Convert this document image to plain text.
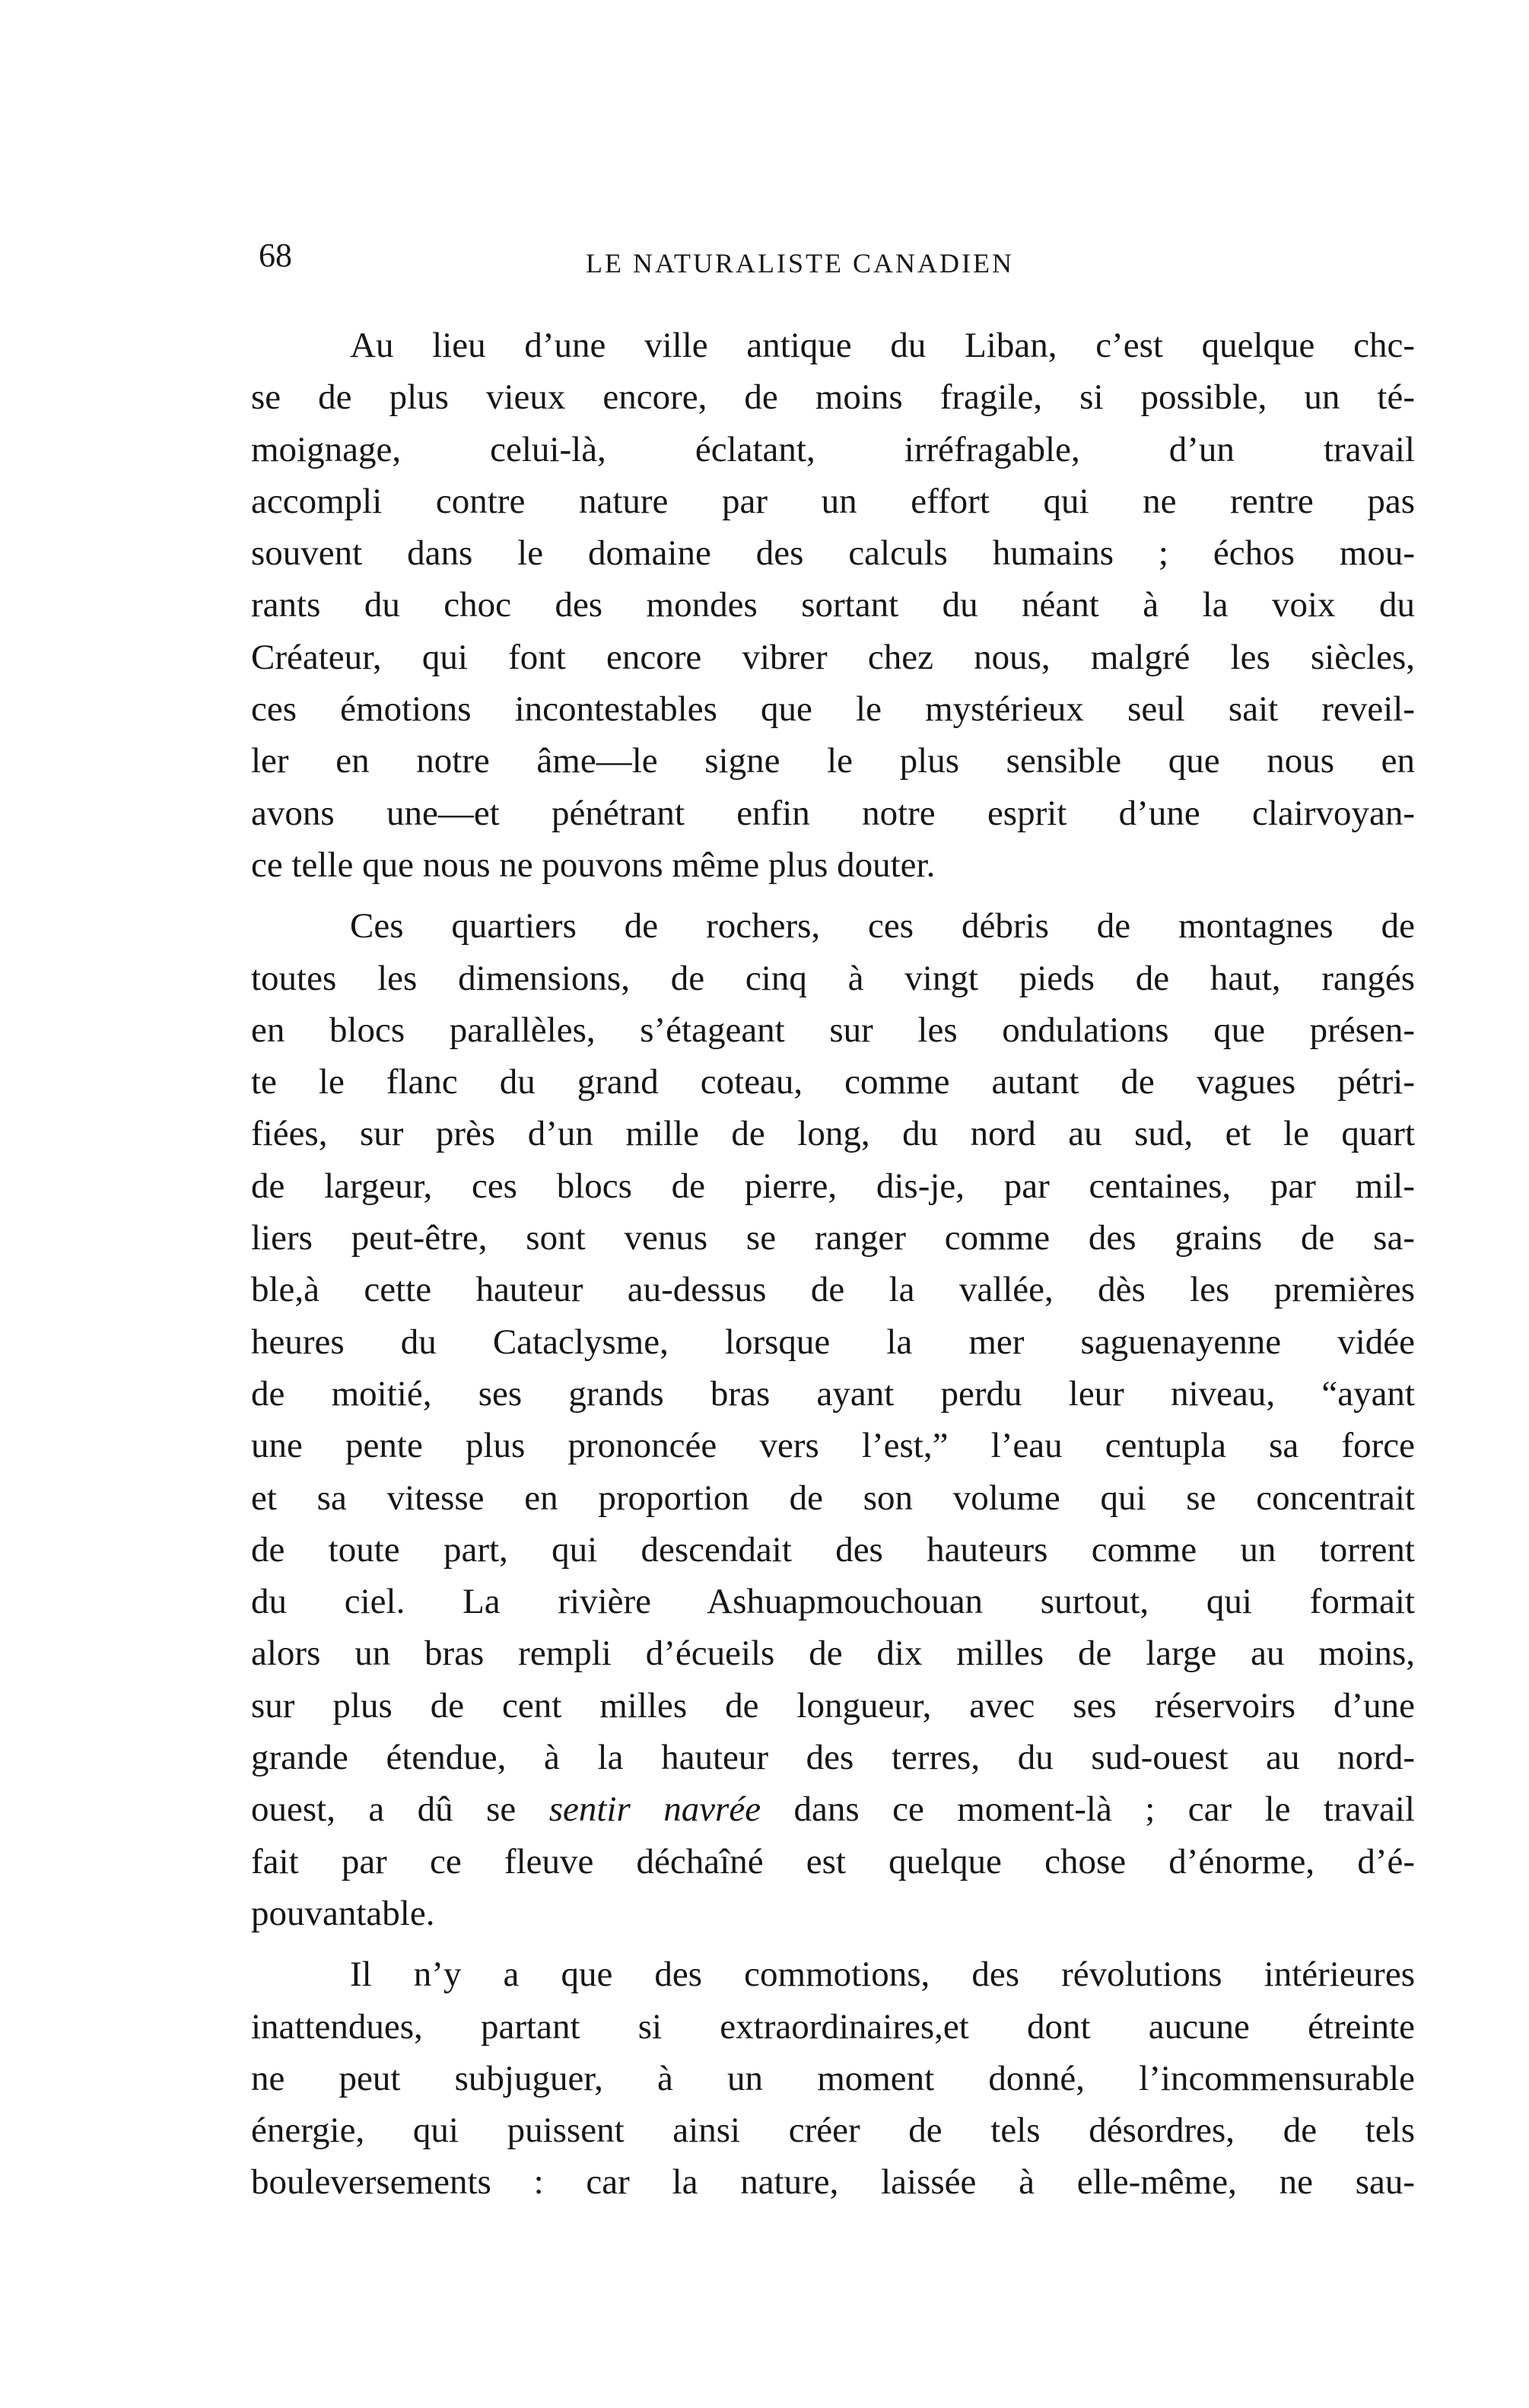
68	LE NATURALISTE CANADIEN

Au lieu d’une ville antique du Liban, c’est quelque chc-
se de plus vieux encore, de moins fragile, si possible, un té-
moignage, celui-là, éclatant, irréfragable, d’un travail
accompli contre nature par un effort qui ne rentre pas
souvent dans le domaine des calculs humains ; échos mou-
rants du choc des mondes sortant du néant à la voix du
Créateur, qui font encore vibrer chez nous, malgré les siècles,
ces émotions incontestables que le mystérieux seul sait reveil-
ler en notre âme—le signe le plus sensible que nous en
avons une—et pénétrant enfin notre esprit d’une clairvoyan-
ce telle que nous ne pouvons même plus douter.

Ces quartiers de rochers, ces débris de montagnes de
toutes les dimensions, de cinq à vingt pieds de haut, rangés
en blocs parallèles, s’étageant sur les ondulations que présen-
te le flanc du grand coteau, comme autant de vagues pétri-
fiées, sur près d’un mille de long, du nord au sud, et le quart
de largeur, ces blocs de pierre, dis-je, par centaines, par mil-
liers peut-être, sont venus se ranger comme des grains de sa-
ble,à cette hauteur au-dessus de la vallée, dès les premières
heures du Cataclysme, lorsque la mer saguenayenne vidée
de moitié, ses grands bras ayant perdu leur niveau, “ayant
une pente plus prononcée vers l’est,” l’eau centupla sa force
et sa vitesse en proportion de son volume qui se concentrait
de toute part, qui descendait des hauteurs comme un torrent
du ciel. La rivière Ashuapmouchouan surtout, qui formait
alors un bras rempli d’écueils de dix milles de large au moins,
sur plus de cent milles de longueur, avec ses réservoirs d’une
grande étendue, à la hauteur des terres, du sud-ouest au nord-
ouest, a dû se sentir navrée dans ce moment-là ; car le travail
fait par ce fleuve déchaîné est quelque chose d’énorme, d’é-
pouvantable.

Il n’y a que des commotions, des révolutions intérieures
inattendues, partant si extraordinaires,et dont aucune étreinte
ne peut subjuguer, à un moment donné, l’incommensurable
énergie, qui puissent ainsi créer de tels désordres, de tels
bouleversements : car la nature, laissée à elle-même, ne sau-
